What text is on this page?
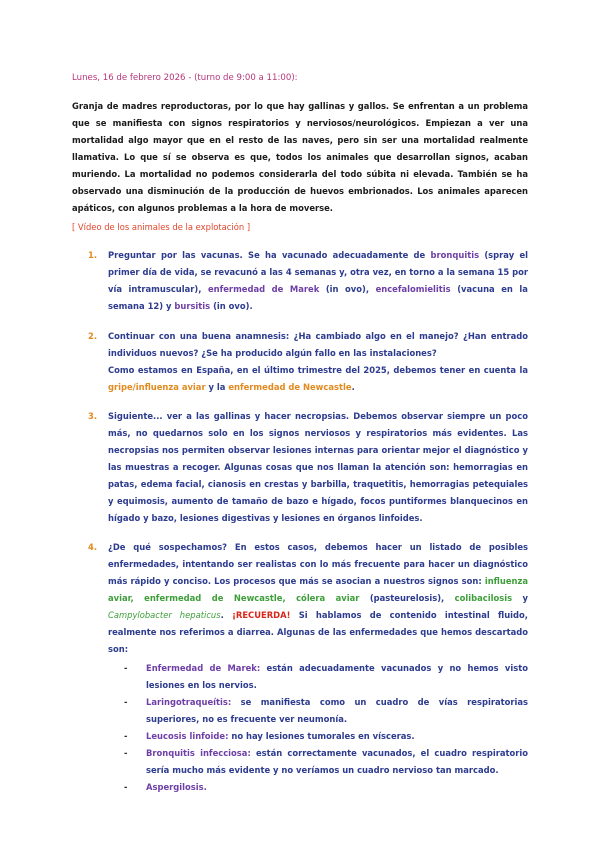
Lunes, 16 de febrero 2026 - (turno de 9:00 a 11:00):

Granja de madres reproductoras, por lo que hay gallinas y gallos. Se enfrentan a un problema que se manifiesta con signos respiratorios y nerviosos/neurológicos. Empiezan a ver una mortalidad algo mayor que en el resto de las naves, pero sin ser una mortalidad realmente llamativa. Lo que sí se observa es que, todos los animales que desarrollan signos, acaban muriendo. La mortalidad no podemos considerarla del todo súbita ni elevada. También se ha observado una disminución de la producción de huevos embrionados. Los animales aparecen apáticos, con algunos problemas a la hora de moverse.

[ Vídeo de los animales de la explotación ]
1. Preguntar por las vacunas. Se ha vacunado adecuadamente de bronquitis (spray el primer día de vida, se revacunó a las 4 semanas y, otra vez, en torno a la semana 15 por vía intramuscular), enfermedad de Marek (in ovo), encefalomielitis (vacuna en la semana 12) y bursitis (in ovo).
2. Continuar con una buena anamnesis: ¿Ha cambiado algo en el manejo? ¿Han entrado individuos nuevos? ¿Se ha producido algún fallo en las instalaciones?
Como estamos en España, en el último trimestre del 2025, debemos tener en cuenta la gripe/influenza aviar y la enfermedad de Newcastle.
3. Siguiente... ver a las gallinas y hacer necropsias. Debemos observar siempre un poco más, no quedarnos solo en los signos nerviosos y respiratorios más evidentes. Las necropsias nos permiten observar lesiones internas para orientar mejor el diagnóstico y las muestras a recoger. Algunas cosas que nos llaman la atención son: hemorragias en patas, edema facial, cianosis en crestas y barbilla, traquetitis, hemorragias petequiales y equimosis, aumento de tamaño de bazo e hígado, focos puntiformes blanquecinos en hígado y bazo, lesiones digestivas y lesiones en órganos linfoides.
4. ¿De qué sospechamos? En estos casos, debemos hacer un listado de posibles enfermedades, intentando ser realistas con lo más frecuente para hacer un diagnóstico más rápido y conciso. Los procesos que más se asocian a nuestros signos son: influenza aviar, enfermedad de Newcastle, cólera aviar (pasteurelosis), colibacilosis y Campylobacter hepaticus. ¡RECUERDA! Si hablamos de contenido intestinal fluido, realmente nos referimos a diarrea. Algunas de las enfermedades que hemos descartado son:
- Enfermedad de Marek: están adecuadamente vacunados y no hemos visto lesiones en los nervios.
- Laringotraqueítis: se manifiesta como un cuadro de vías respiratorias superiores, no es frecuente ver neumonía.
- Leucosis linfoide: no hay lesiones tumorales en vísceras.
- Bronquitis infecciosa: están correctamente vacunados, el cuadro respiratorio sería mucho más evidente y no veríamos un cuadro nervioso tan marcado.
- Aspergilosis.
